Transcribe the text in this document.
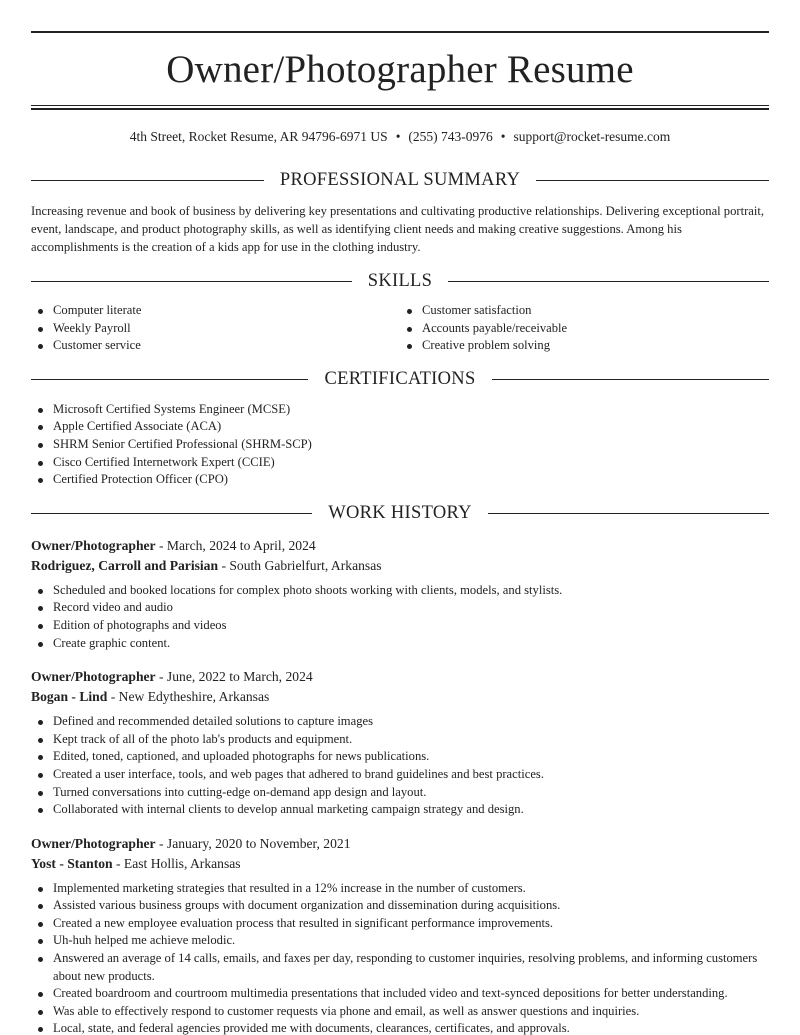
Owner/Photographer Resume
4th Street, Rocket Resume, AR 94796-6971 US • (255) 743-0976 • support@rocket-resume.com
PROFESSIONAL SUMMARY

Increasing revenue and book of business by delivering key presentations and cultivating productive relationships. Delivering exceptional portrait, event, landscape, and product photography skills, as well as identifying client needs and making creative suggestions. Among his accomplishments is the creation of a kids app for use in the clothing industry.

SKILLS
Computer literate
Weekly Payroll
Customer service
Customer satisfaction
Accounts payable/receivable
Creative problem solving
CERTIFICATIONS
Microsoft Certified Systems Engineer (MCSE)
Apple Certified Associate (ACA)
SHRM Senior Certified Professional (SHRM-SCP)
Cisco Certified Internetwork Expert (CCIE)
Certified Protection Officer (CPO)
WORK HISTORY
Owner/Photographer - March, 2024 to April, 2024
Rodriguez, Carroll and Parisian - South Gabrielfurt, Arkansas
Scheduled and booked locations for complex photo shoots working with clients, models, and stylists.
Record video and audio
Edition of photographs and videos
Create graphic content.
Owner/Photographer - June, 2022 to March, 2024
Bogan - Lind - New Edytheshire, Arkansas
Defined and recommended detailed solutions to capture images
Kept track of all of the photo lab's products and equipment.
Edited, toned, captioned, and uploaded photographs for news publications.
Created a user interface, tools, and web pages that adhered to brand guidelines and best practices.
Turned conversations into cutting-edge on-demand app design and layout.
Collaborated with internal clients to develop annual marketing campaign strategy and design.
Owner/Photographer - January, 2020 to November, 2021
Yost - Stanton - East Hollis, Arkansas
Implemented marketing strategies that resulted in a 12% increase in the number of customers.
Assisted various business groups with document organization and dissemination during acquisitions.
Created a new employee evaluation process that resulted in significant performance improvements.
Uh-huh helped me achieve melodic.
Answered an average of 14 calls, emails, and faxes per day, responding to customer inquiries, resolving problems, and informing customers about new products.
Created boardroom and courtroom multimedia presentations that included video and text-synced depositions for better understanding.
Was able to effectively respond to customer requests via phone and email, as well as answer questions and inquiries.
Local, state, and federal agencies provided me with documents, clearances, certificates, and approvals.
